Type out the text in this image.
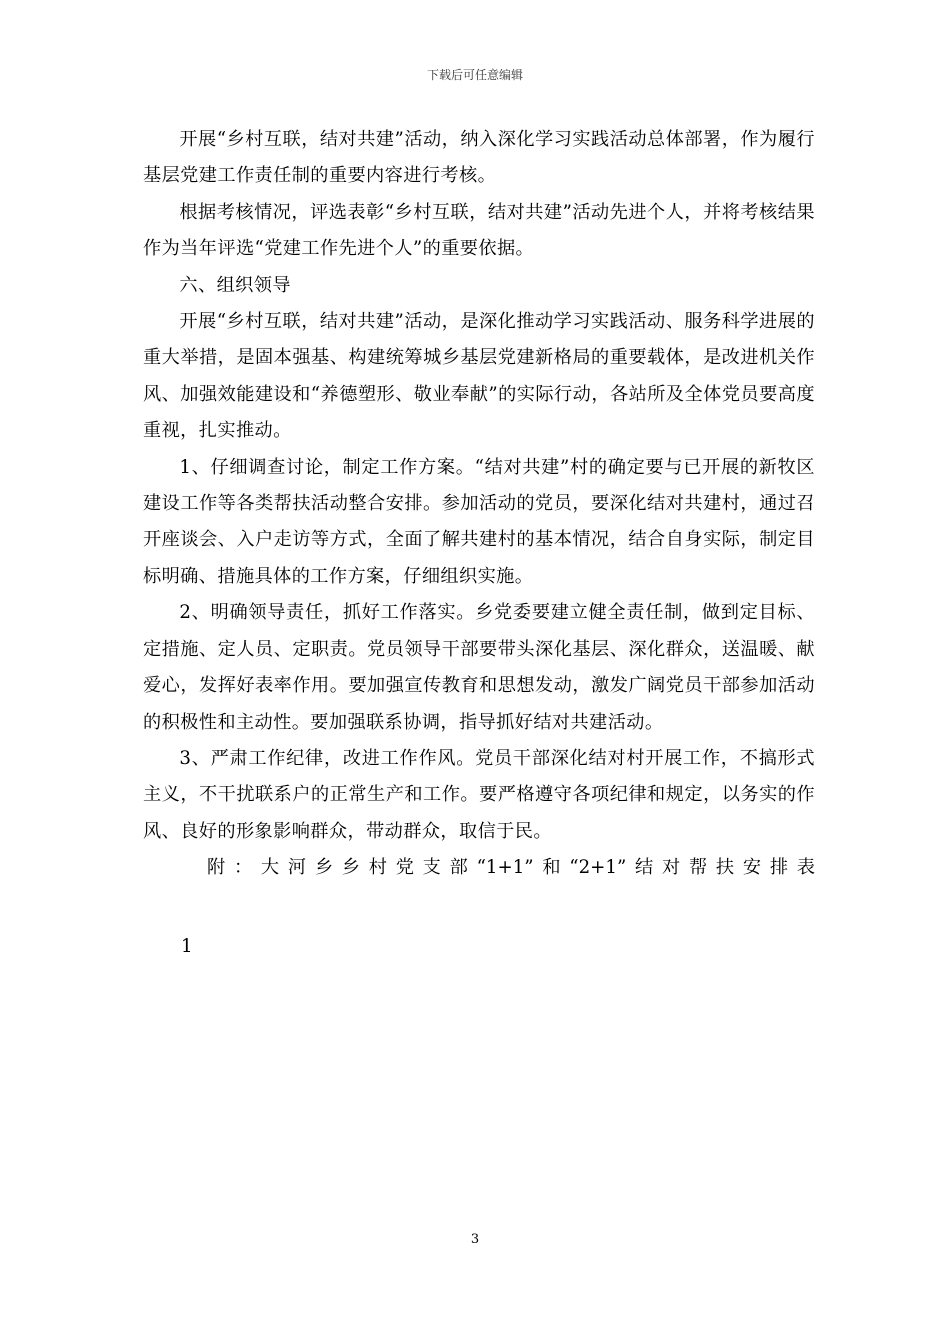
下载后可任意编辑

开展“乡村互联，结对共建”活动，纳入深化学习实践活动总体部署，作为履行基层党建工作责任制的重要内容进行考核。

根据考核情况，评选表彰“乡村互联，结对共建”活动先进个人，并将考核结果作为当年评选“党建工作先进个人”的重要依据。

六、组织领导

开展“乡村互联，结对共建”活动，是深化推动学习实践活动、服务科学进展的重大举措，是固本强基、构建统筹城乡基层党建新格局的重要载体，是改进机关作风、加强效能建设和“养德塑形、敬业奉献”的实际行动，各站所及全体党员要高度重视，扎实推动。

1、仔细调查讨论，制定工作方案。“结对共建”村的确定要与已开展的新牧区建设工作等各类帮扶活动整合安排。参加活动的党员，要深化结对共建村，通过召开座谈会、入户走访等方式，全面了解共建村的基本情况，结合自身实际，制定目标明确、措施具体的工作方案，仔细组织实施。

2、明确领导责任，抓好工作落实。乡党委要建立健全责任制，做到定目标、定措施、定人员、定职责。党员领导干部要带头深化基层、深化群众，送温暖、献爱心，发挥好表率作用。要加强宣传教育和思想发动，激发广阔党员干部参加活动的积极性和主动性。要加强联系协调，指导抓好结对共建活动。

3、严肃工作纪律，改进工作作风。党员干部深化结对村开展工作，不搞形式主义，不干扰联系户的正常生产和工作。要严格遵守各项纪律和规定，以务实的作风、良好的形象影响群众，带动群众，取信于民。

附：大河乡乡村党支部“1+1”和“2+1”结对帮扶安排表

1

3
